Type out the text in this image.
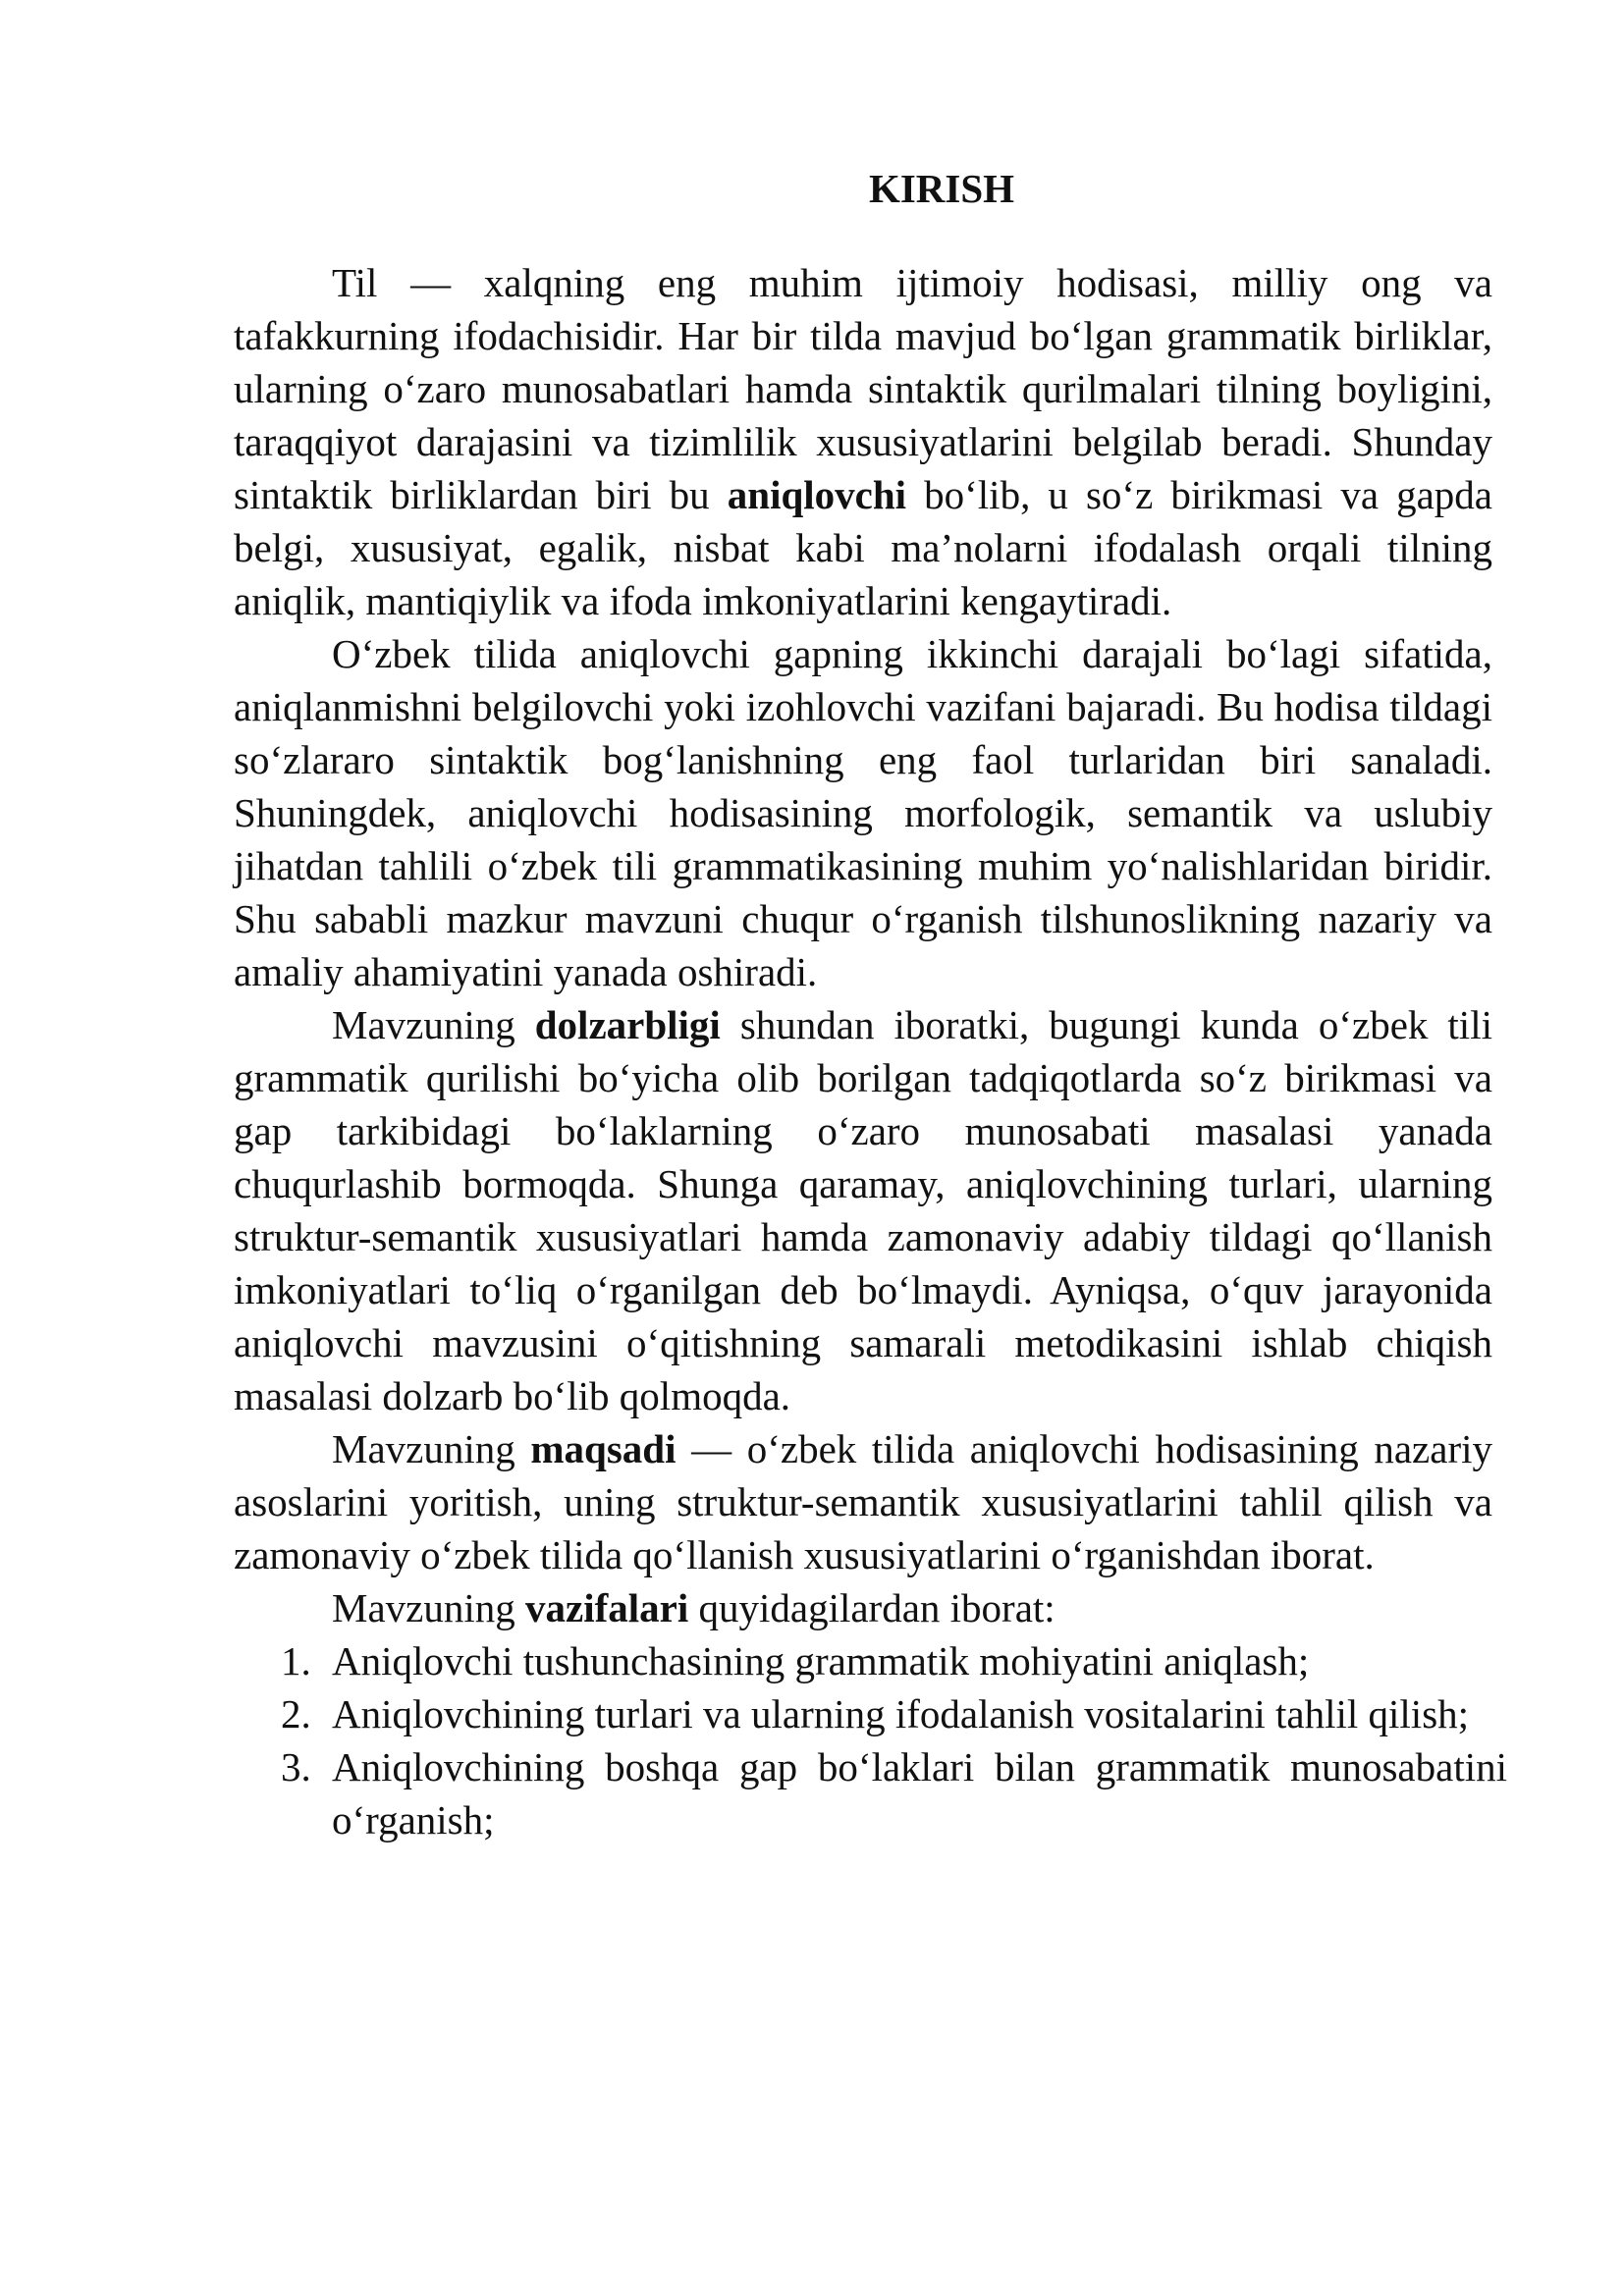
KIRISH

Til — xalqning eng muhim ijtimoiy hodisasi, milliy ong va tafakkurning ifodachisidir. Har bir tilda mavjud boʻlgan grammatik birliklar, ularning oʻzaro munosabatlari hamda sintaktik qurilmalari tilning boyligini, taraqqiyot darajasini va tizimlilik xususiyatlarini belgilab beradi. Shunday sintaktik birliklardan biri bu aniqlovchi boʻlib, u soʻz birikmasi va gapda belgi, xususiyat, egalik, nisbat kabi ma’nolarni ifodalash orqali tilning aniqlik, mantiqiylik va ifoda imkoniyatlarini kengaytiradi.

Oʻzbek tilida aniqlovchi gapning ikkinchi darajali boʻlagi sifatida, aniqlanmishni belgilovchi yoki izohlovchi vazifani bajaradi. Bu hodisa tildagi soʻzlararo sintaktik bogʻlanishning eng faol turlaridan biri sanaladi. Shuningdek, aniqlovchi hodisasining morfologik, semantik va uslubiy jihatdan tahlili oʻzbek tili grammatikasining muhim yoʻnalishlaridan biridir. Shu sababli mazkur mavzuni chuqur oʻrganish tilshunoslikning nazariy va amaliy ahamiyatini yanada oshiradi.

Mavzuning dolzarbligi shundan iboratki, bugungi kunda oʻzbek tili grammatik qurilishi boʻyicha olib borilgan tadqiqotlarda soʻz birikmasi va gap tarkibidagi boʻlaklarning oʻzaro munosabati masalasi yanada chuqurlashib bormoqda. Shunga qaramay, aniqlovchining turlari, ularning struktur-semantik xususiyatlari hamda zamonaviy adabiy tildagi qoʻllanish imkoniyatlari toʻliq oʻrganilgan deb boʻlmaydi. Ayniqsa, oʻquv jarayonida aniqlovchi mavzusini oʻqitishning samarali metodikasini ishlab chiqish masalasi dolzarb boʻlib qolmoqda.

Mavzuning maqsadi — oʻzbek tilida aniqlovchi hodisasining nazariy asoslarini yoritish, uning struktur-semantik xususiyatlarini tahlil qilish va zamonaviy oʻzbek tilida qoʻllanish xususiyatlarini oʻrganishdan iborat.

Mavzuning vazifalari quyidagilardan iborat:

1. Aniqlovchi tushunchasining grammatik mohiyatini aniqlash;
2. Aniqlovchining turlari va ularning ifodalanish vositalarini tahlil qilish;
3. Aniqlovchining boshqa gap boʻlaklari bilan grammatik munosabatini oʻrganish;
